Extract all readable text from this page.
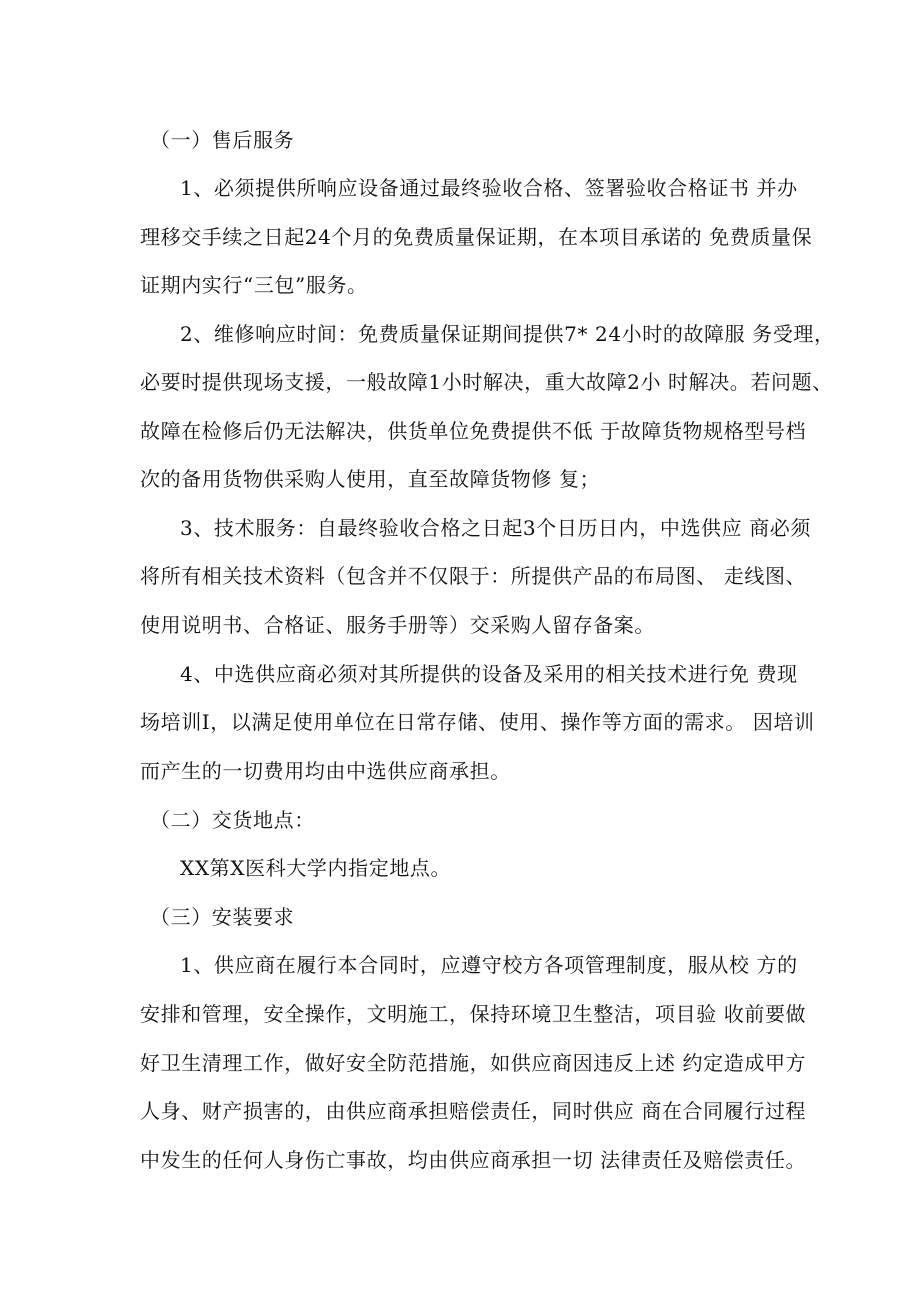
（一）售后服务
1、必须提供所响应设备通过最终验收合格、签署验收合格证书 并办
理移交手续之日起24个月的免费质量保证期，在本项目承诺的 免费质量保
证期内实行“三包”服务。
2、维修响应时间：免费质量保证期间提供7* 24小时的故障服 务受理，
必要时提供现场支援，一般故障1小时解决，重大故障2小 时解决。若问题、
故障在检修后仍无法解决，供货单位免费提供不低 于故障货物规格型号档
次的备用货物供采购人使用，直至故障货物修 复；
3、技术服务：自最终验收合格之日起3个日历日内，中选供应 商必须
将所有相关技术资料（包含并不仅限于：所提供产品的布局图、 走线图、
使用说明书、合格证、服务手册等）交采购人留存备案。
4、中选供应商必须对其所提供的设备及采用的相关技术进行免 费现
场培训I，以满足使用单位在日常存储、使用、操作等方面的需求。 因培训
而产生的一切费用均由中选供应商承担。
（二）交货地点：
XX第X医科大学内指定地点。
（三）安装要求
1、供应商在履行本合同时，应遵守校方各项管理制度，服从校 方的
安排和管理，安全操作，文明施工，保持环境卫生整洁，项目验 收前要做
好卫生清理工作，做好安全防范措施，如供应商因违反上述 约定造成甲方
人身、财产损害的，由供应商承担赔偿责任，同时供应 商在合同履行过程
中发生的任何人身伤亡事故，均由供应商承担一切 法律责任及赔偿责任。
